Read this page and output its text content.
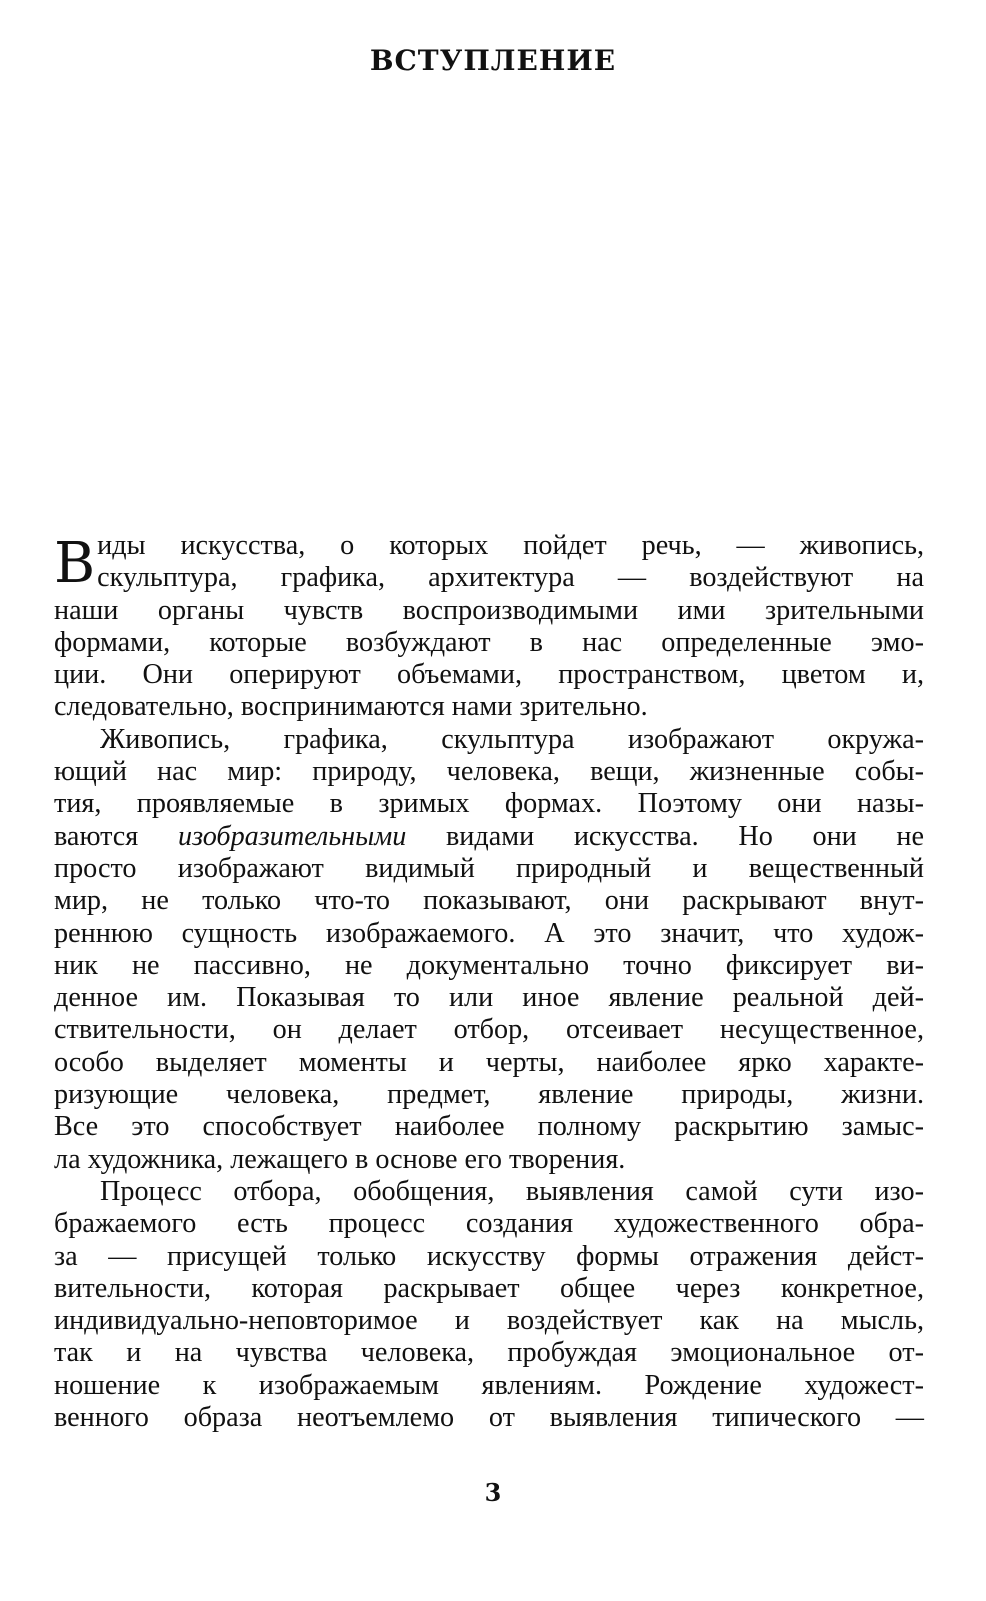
ВСТУПЛЕНИЕ
В иды искусства, о которых пойдет речь, — живопись,
скульптура, графика, архитектура — воздействуют на
наши органы чувств воспроизводимыми ими зрительными
формами, которые возбуждают в нас определенные эмо-
ции. Они оперируют объемами, пространством, цветом и,
следовательно, воспринимаются нами зрительно.
Живопись, графика, скульптура изображают окружа-
ющий нас мир: природу, человека, вещи, жизненные собы-
тия, проявляемые в зримых формах. Поэтому они назы-
ваются изобразительными видами искусства. Но они не
просто изображают видимый природный и вещественный
мир, не только что-то показывают, они раскрывают внут-
реннюю сущность изображаемого. А это значит, что худож-
ник не пассивно, не документально точно фиксирует ви-
денное им. Показывая то или иное явление реальной дей-
ствительности, он делает отбор, отсеивает несущественное,
особо выделяет моменты и черты, наиболее ярко характе-
ризующие человека, предмет, явление природы, жизни.
Все это способствует наиболее полному раскрытию замыс-
ла художника, лежащего в основе его творения.
Процесс отбора, обобщения, выявления самой сути изо-
бражаемого есть процесс создания художественного обра-
за — присущей только искусству формы отражения дейст-
вительности, которая раскрывает общее через конкретное,
индивидуально-неповторимое и воздействует как на мысль,
так и на чувства человека, пробуждая эмоциональное от-
ношение к изображаемым явлениям. Рождение художест-
венного образа неотъемлемо от выявления типического —
3
